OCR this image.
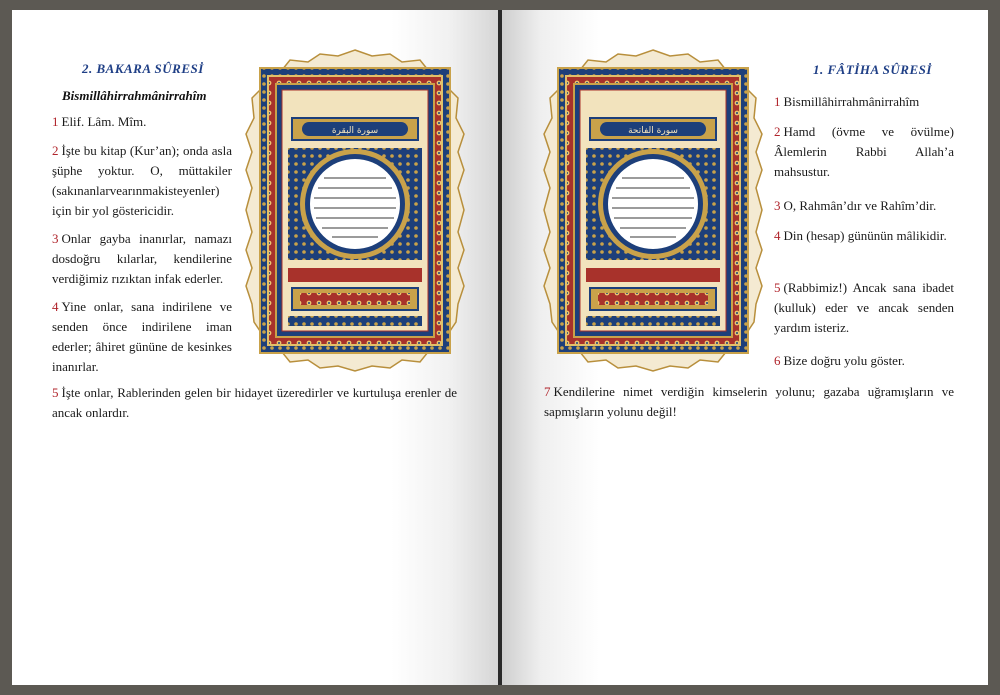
2. BAKARA SÛRESİ
Bismillâhirrahmânirrahîm

1 Elif. Lâm. Mîm.

2 İşte bu kitap (Kur’an); onda asla şüphe yoktur. O, müttakiler (sakınanlarvearınmakisteyenler) için bir yol göstericidir.

3 Onlar gayba inanırlar, namazı dosdoğru kılarlar, kendilerine verdiğimiz rızıktan infak ederler.

4 Yine onlar, sana indirilene ve senden önce indirilene iman ederler; âhiret gününe de kesinkes inanırlar.

5 İşte onlar, Rablerinden gelen bir hidayet üzeredirler ve kurtuluşa erenler de ancak onlardır.

سورة البقرة	سورة الفاتحة
1. FÂTİHA SÛRESİ

1 Bismillâhirrahmânirrahîm

2 Hamd (övme ve övülme) Âlemlerin Rabbi Allah’a mahsustur.

3 O, Rahmân’dır ve Rahîm’dir.

4 Din (hesap) gününün mâlikidir.

5 (Rabbimiz!) Ancak sana ibadet (kulluk) eder ve ancak senden yardım isteriz.

6 Bize doğru yolu göster.

7 Kendilerine nimet verdiğin kimselerin yolunu; gazaba uğramışların ve sapmışların yolunu değil!
